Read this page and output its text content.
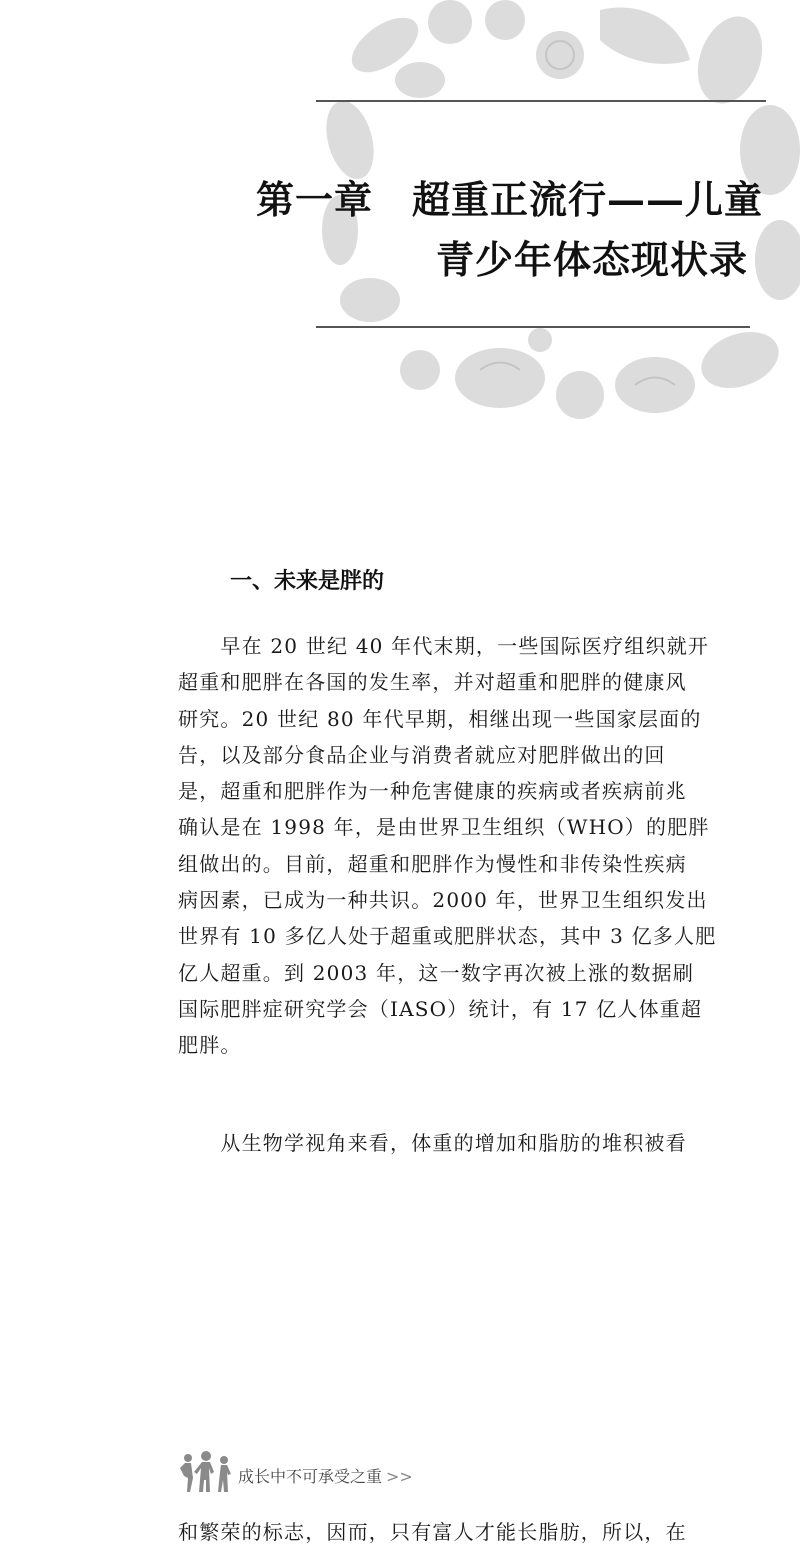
第一章　超重正流行——儿童
青少年体态现状录
一、未来是胖的
　　早在 20 世纪 40 年代末期，一些国际医疗组织就开
超重和肥胖在各国的发生率，并对超重和肥胖的健康风
研究。20 世纪 80 年代早期，相继出现一些国家层面的
告，以及部分食品企业与消费者就应对肥胖做出的回
是，超重和肥胖作为一种危害健康的疾病或者疾病前兆
确认是在 1998 年，是由世界卫生组织（WHO）的肥胖
组做出的。目前，超重和肥胖作为慢性和非传染性疾病
病因素，已成为一种共识。2000 年，世界卫生组织发出
世界有 10 多亿人处于超重或肥胖状态，其中 3 亿多人肥
亿人超重。到 2003 年，这一数字再次被上涨的数据刷
国际肥胖症研究学会（IASO）统计，有 17 亿人体重超
肥胖。
　　从生物学视角来看，体重的增加和脂肪的堆积被看
成长中不可承受之重 >>
和繁荣的标志，因而，只有富人才能长脂肪，所以，在
